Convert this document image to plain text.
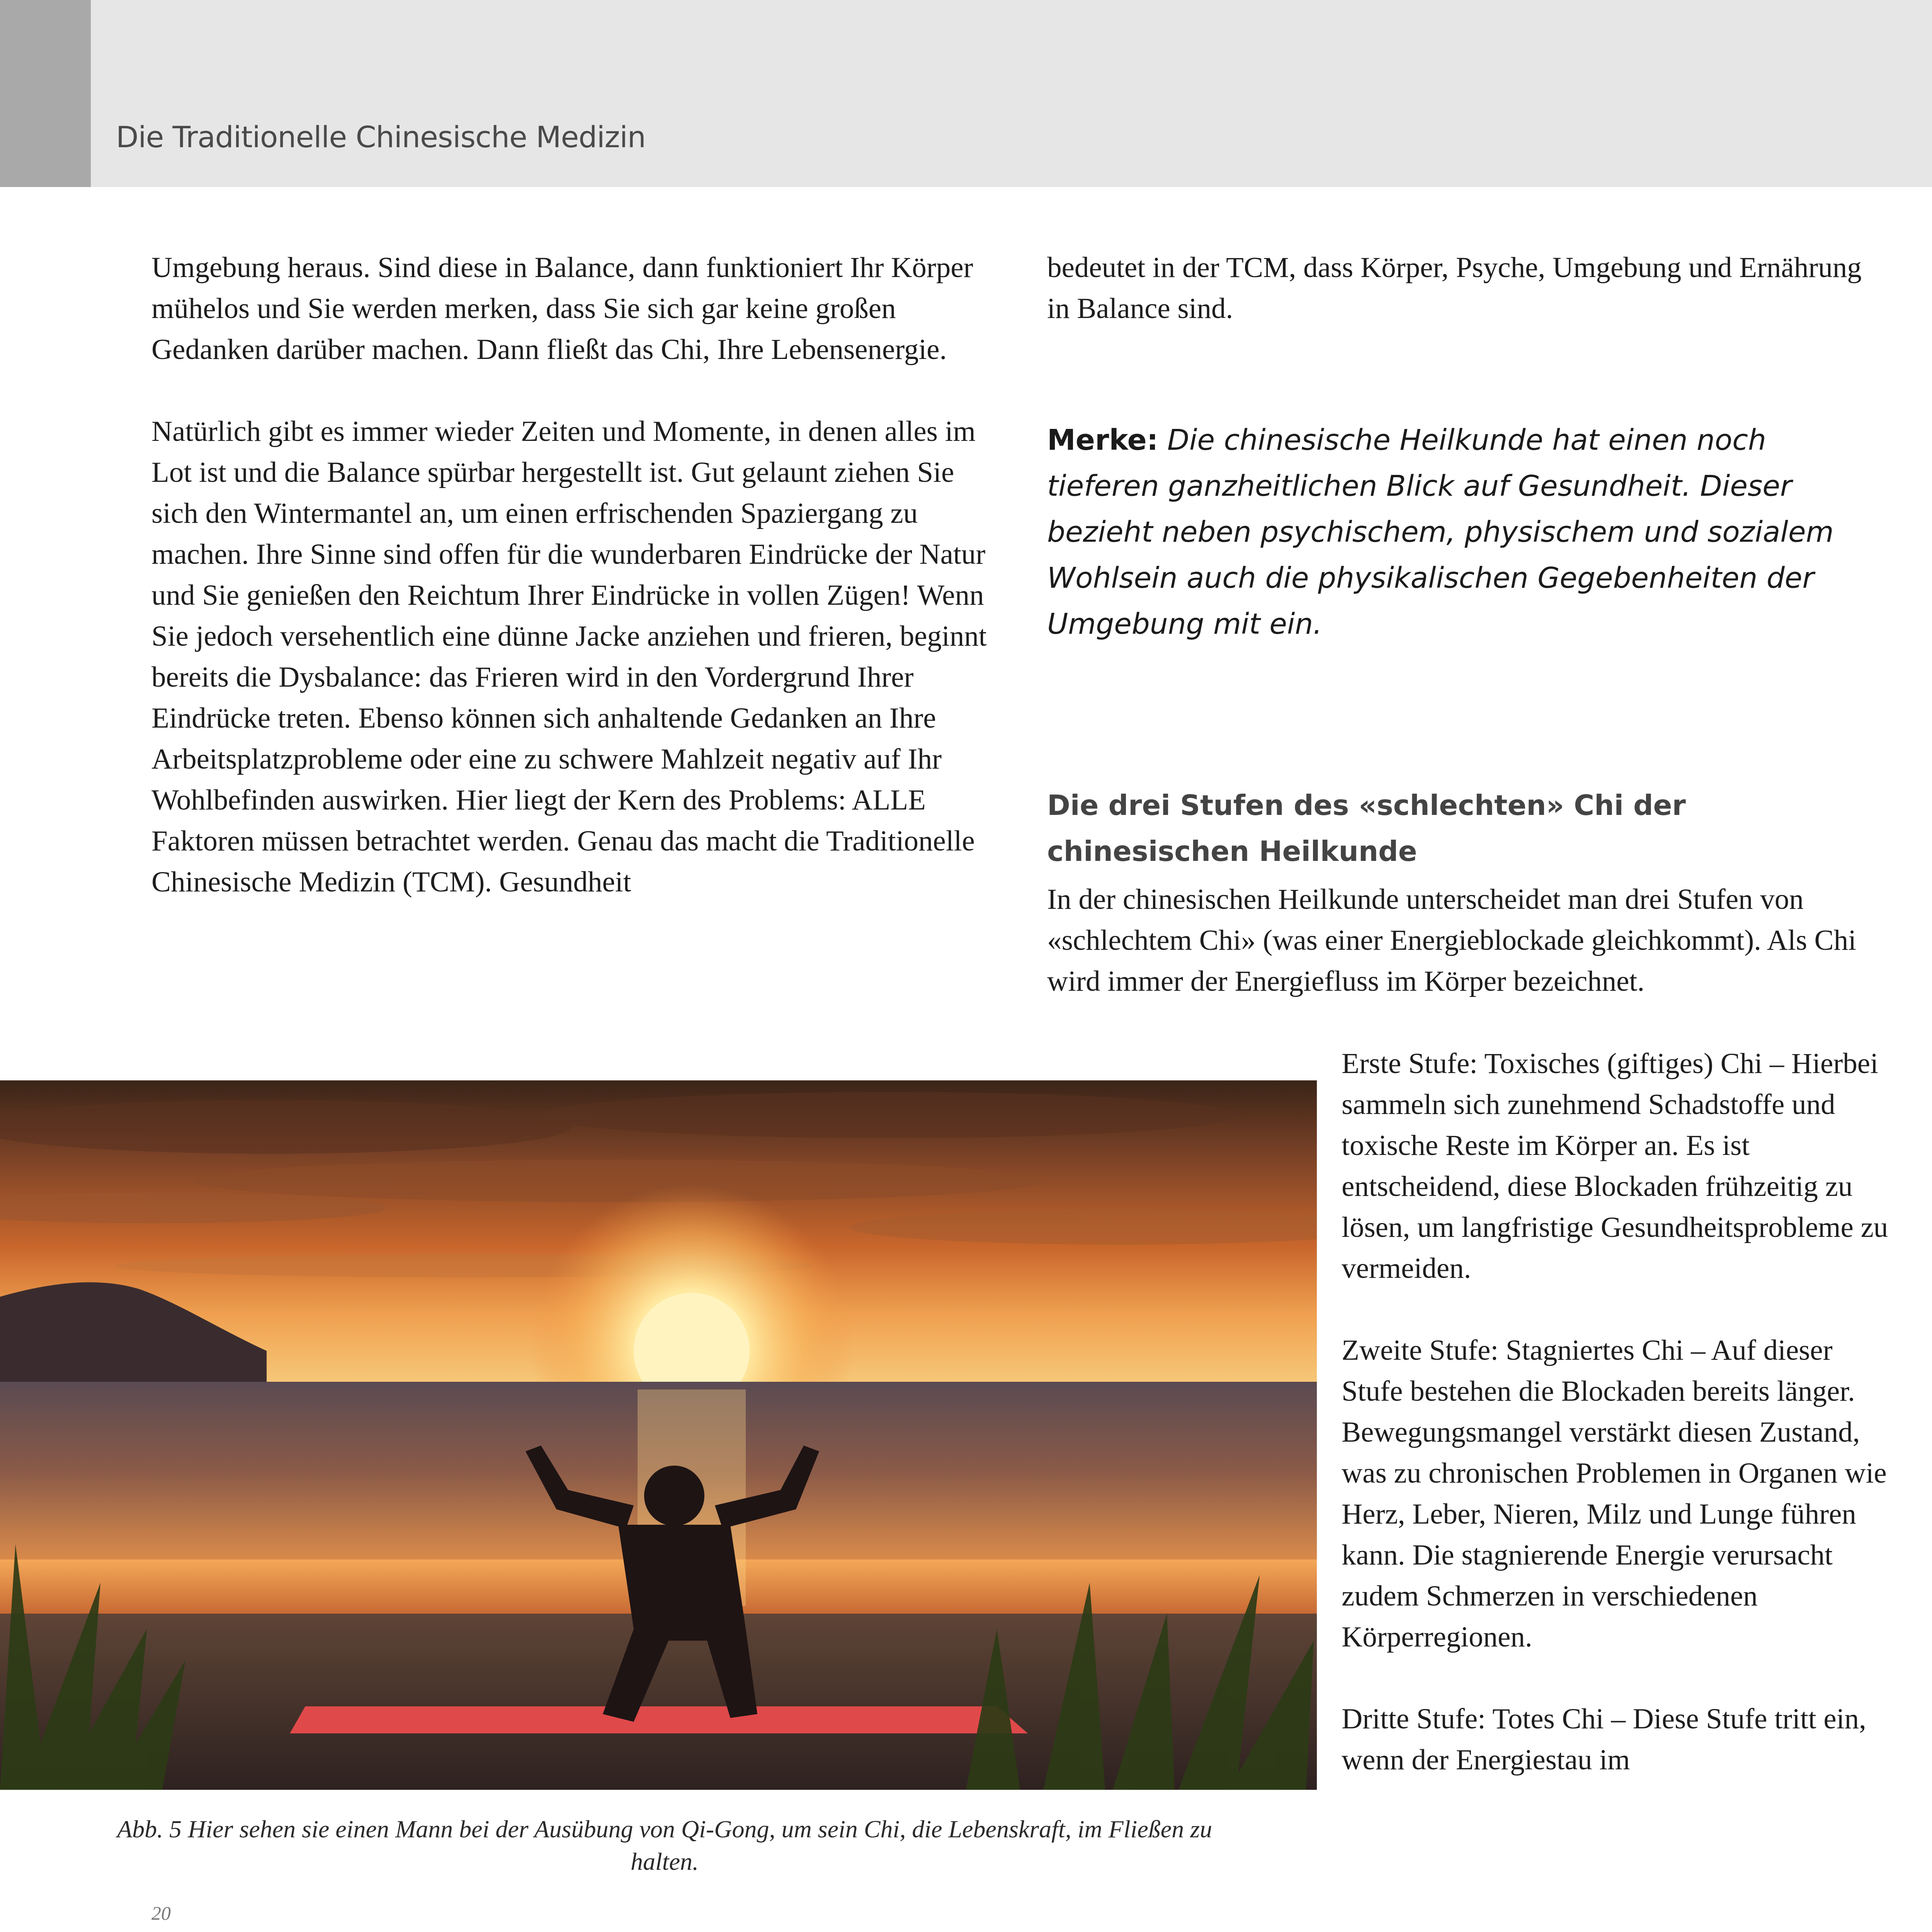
Die Traditionelle Chinesische Medizin

Umgebung heraus. Sind diese in Balance, dann funktioniert Ihr Körper mühelos und Sie werden merken, dass Sie sich gar keine großen Gedanken darüber machen. Dann fließt das Chi, Ihre Lebensenergie.

Natürlich gibt es immer wieder Zeiten und Momente, in denen alles im Lot ist und die Balance spürbar hergestellt ist. Gut gelaunt ziehen Sie sich den Wintermantel an, um einen erfrischenden Spaziergang zu machen. Ihre Sinne sind offen für die wunderbaren Eindrücke der Natur und Sie genießen den Reichtum Ihrer Eindrücke in vollen Zügen! Wenn Sie jedoch versehentlich eine dünne Jacke anziehen und frieren, beginnt bereits die Dysbalance: das Frieren wird in den Vordergrund Ihrer Eindrücke treten. Ebenso können sich anhaltende Gedanken an Ihre Arbeitsplatzprobleme oder eine zu schwere Mahlzeit negativ auf Ihr Wohlbefinden auswirken. Hier liegt der Kern des Problems: ALLE Faktoren müssen betrachtet werden. Genau das macht die Traditionelle Chinesische Medizin (TCM). Gesundheit

bedeutet in der TCM, dass Körper, Psyche, Umgebung und Ernährung in Balance sind.

Merke: Die chinesische Heilkunde hat einen noch tieferen ganzheitlichen Blick auf Gesundheit. Dieser bezieht neben psychischem, physischem und sozialem Wohlsein auch die physikalischen Gegebenheiten der Umgebung mit ein.

Die drei Stufen des «schlechten» Chi der chinesischen Heilkunde

In der chinesischen Heilkunde unterscheidet man drei Stufen von «schlechtem Chi» (was einer Energieblockade gleichkommt). Als Chi wird immer der Energiefluss im Körper bezeichnet.

Erste Stufe: Toxisches (giftiges) Chi – Hierbei sammeln sich zunehmend Schadstoffe und toxische Reste im Körper an. Es ist entscheidend, diese Blockaden frühzeitig zu lösen, um langfristige Gesundheitsprobleme zu vermeiden.

Zweite Stufe: Stagniertes Chi – Auf dieser Stufe bestehen die Blockaden bereits länger. Bewegungsmangel verstärkt diesen Zustand, was zu chronischen Problemen in Organen wie Herz, Leber, Nieren, Milz und Lunge führen kann. Die stagnierende Energie verursacht zudem Schmerzen in verschiedenen Körperregionen.

Dritte Stufe: Totes Chi – Diese Stufe tritt ein, wenn der Energiestau im

Abb. 5 Hier sehen sie einen Mann bei der Ausübung von Qi-Gong, um sein Chi, die Lebenskraft, im Fließen zu halten.
20
